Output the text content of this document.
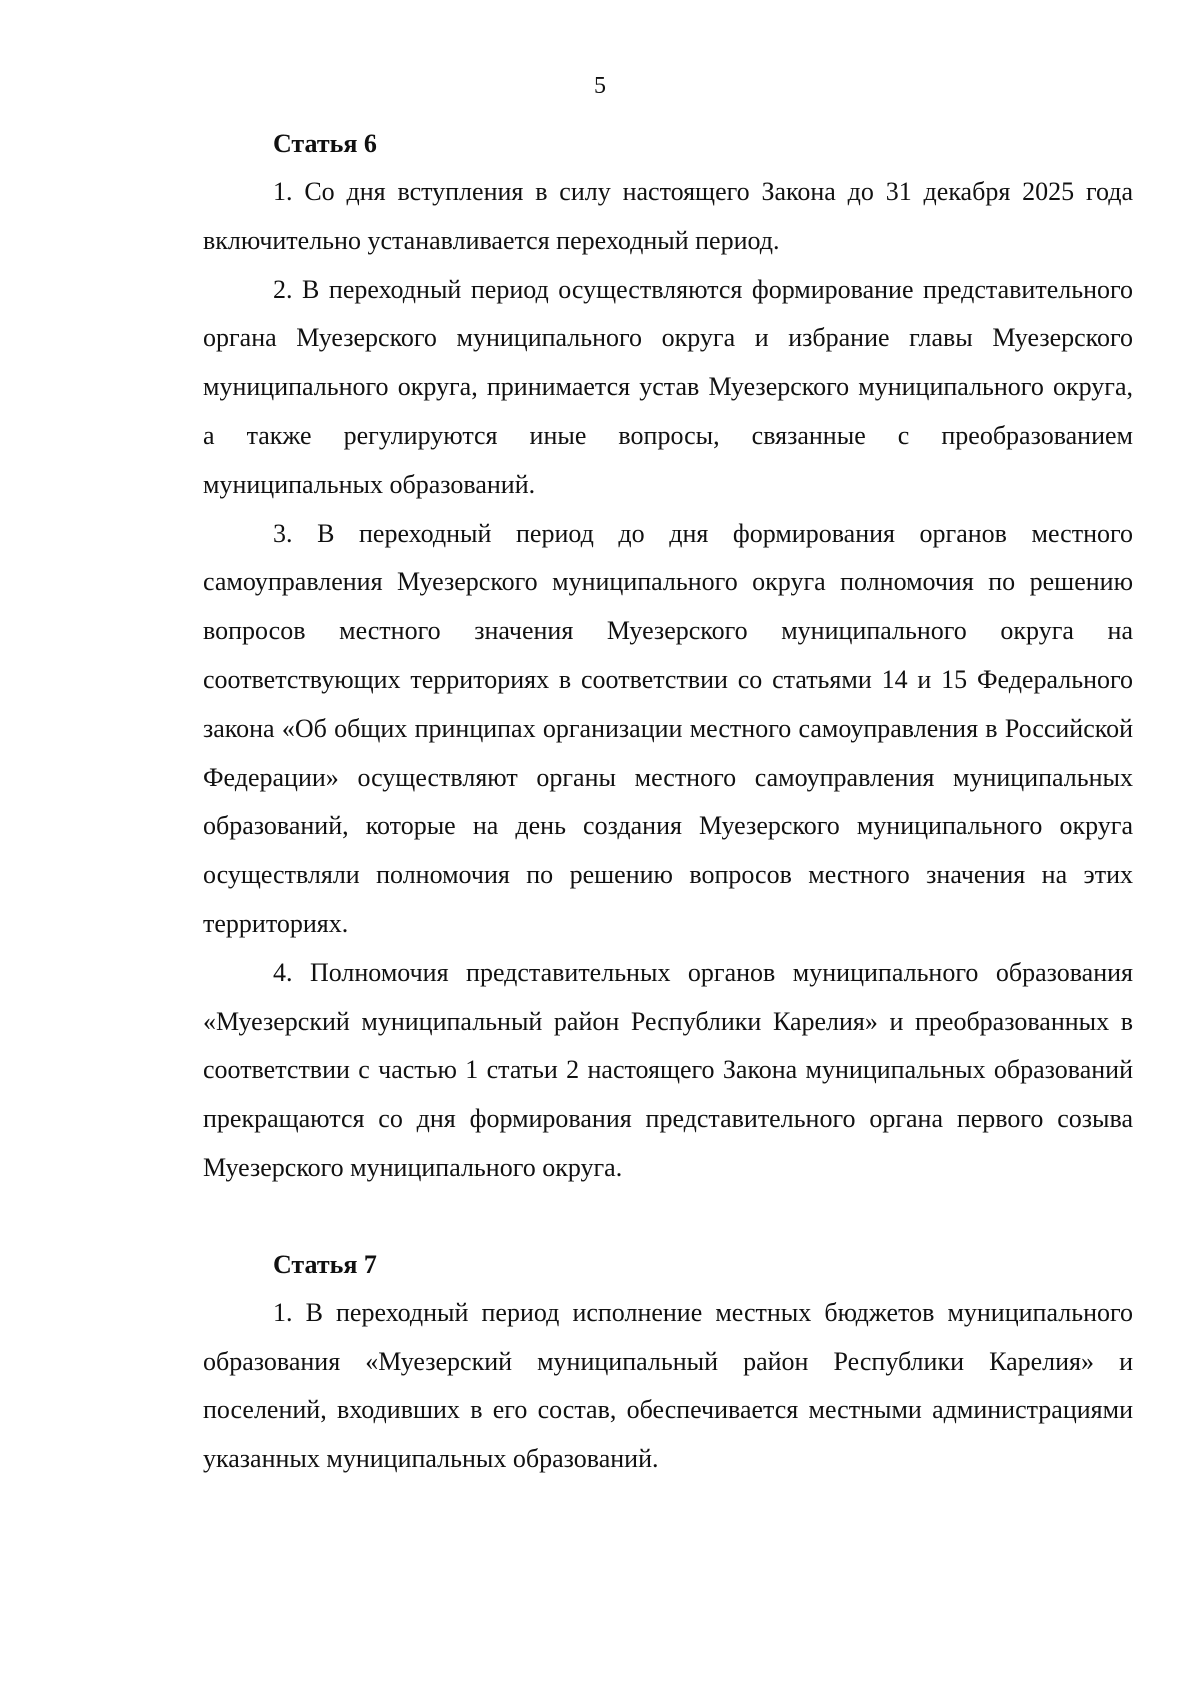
5
Статья 6

1. Со дня вступления в силу настоящего Закона до 31 декабря 2025 года включительно устанавливается переходный период.

2. В переходный период осуществляются формирование представительного органа Муезерского муниципального округа и избрание главы Муезерского муниципального округа, принимается устав Муезерского муниципального округа, а также регулируются иные вопросы, связанные с преобразованием муниципальных образований.

3. В переходный период до дня формирования органов местного самоуправления Муезерского муниципального округа полномочия по решению вопросов местного значения Муезерского муниципального округа на соответствующих территориях в соответствии со статьями 14 и 15 Федерального закона «Об общих принципах организации местного самоуправления в Российской Федерации» осуществляют органы местного самоуправления муниципальных образований, которые на день создания Муезерского муниципального округа осуществляли полномочия по решению вопросов местного значения на этих территориях.

4. Полномочия представительных органов муниципального образования «Муезерский муниципальный район Республики Карелия» и преобразованных в соответствии с частью 1 статьи 2 настоящего Закона муниципальных образований прекращаются со дня формирования представительного органа первого созыва Муезерского муниципального округа.

Статья 7

1. В переходный период исполнение местных бюджетов муниципального образования «Муезерский муниципальный район Республики Карелия» и поселений, входивших в его состав, обеспечивается местными администрациями указанных муниципальных образований.
